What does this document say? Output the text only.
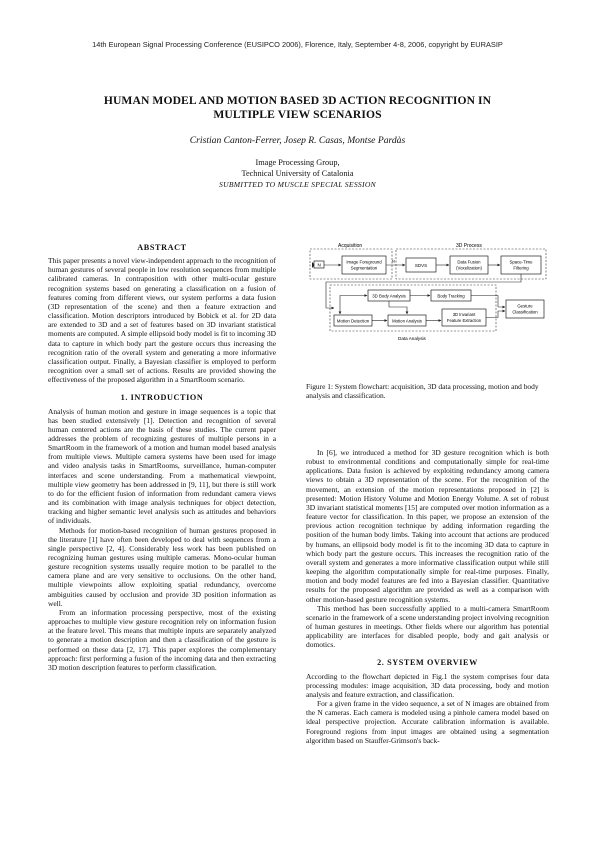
14th European Signal Processing Conference (EUSIPCO 2006), Florence, Italy, September 4-8, 2006, copyright by EURASIP
HUMAN MODEL AND MOTION BASED 3D ACTION RECOGNITION IN
MULTIPLE VIEW SCENARIOS
Cristian Canton-Ferrer, Josep R. Casas, Montse Pardàs
Image Processing Group,
Technical University of Catalonia
SUBMITTED TO MUSCLE SPECIAL SESSION
ABSTRACT

This paper presents a novel view-independent approach to the recognition of human gestures of several people in low resolution sequences from multiple calibrated cameras. In contraposition with other multi-ocular gesture recognition systems based on generating a classification on a fusion of features coming from different views, our system performs a data fusion (3D representation of the scene) and then a feature extraction and classification. Motion descriptors introduced by Bobick et al. for 2D data are extended to 3D and a set of features based on 3D invariant statistical moments are computed. A simple ellipsoid body model is fit to incoming 3D data to capture in which body part the gesture occurs thus increasing the recognition ratio of the overall system and generating a more informative classification output. Finally, a Bayesian classifier is employed to perform recognition over a small set of actions. Results are provided showing the effectiveness of the proposed algorithm in a SmartRoom scenario.

1. INTRODUCTION

Analysis of human motion and gesture in image sequences is a topic that has been studied extensively [1]. Detection and recognition of several human centered actions are the basis of these studies. The current paper addresses the problem of recognizing gestures of multiple persons in a SmartRoom in the framework of a motion and human model based analysis from multiple views. Multiple camera systems have been used for image and video analysis tasks in SmartRooms, surveillance, human-computer interfaces and scene understanding. From a mathematical viewpoint, multiple view geometry has been addressed in [9, 11], but there is still work to do for the efficient fusion of information from redundant camera views and its combination with image analysis techniques for object detection, tracking and higher semantic level analysis such as attitudes and behaviors of individuals.

Methods for motion-based recognition of human gestures proposed in the literature [1] have often been developed to deal with sequences from a single perspective [2, 4]. Considerably less work has been published on recognizing human gestures using multiple cameras. Mono-ocular human gesture recognition systems usually require motion to be parallel to the camera plane and are very sensitive to occlusions. On the other hand, multiple viewpoints allow exploiting spatial redundancy, overcome ambiguities caused by occlusion and provide 3D position information as well.

From an information processing perspective, most of the existing approaches to multiple view gesture recognition rely on information fusion at the feature level. This means that multiple inputs are separately analyzed to generate a motion description and then a classification of the gesture is performed on these data [2, 17]. This paper explores the complementary approach: first performing a fusion of the incoming data and then extracting 3D motion description features to perform classification.

Acquisition	3D Process
Data Analysis
N
Image Foreground
Segmentation	SDVS
Data Fusion
(Voxelization)
Space-Time
Filtering
N
3D Body Analysis	Body Tracking
Motion Detection	Motion Analysis
3D Invariant
Feature Extraction
Gesture
Classification
Figure 1: System flowchart: acquisition, 3D data processing, motion and body analysis and classification.

In [6], we introduced a method for 3D gesture recognition which is both robust to environmental conditions and computationally simple for real-time applications. Data fusion is achieved by exploiting redundancy among camera views to obtain a 3D representation of the scene. For the recognition of the movement, an extension of the motion representations proposed in [2] is presented: Motion History Volume and Motion Energy Volume. A set of robust 3D invariant statistical moments [15] are computed over motion information as a feature vector for classification. In this paper, we propose an extension of the previous action recognition technique by adding information regarding the position of the human body limbs. Taking into account that actions are produced by humans, an ellipsoid body model is fit to the incoming 3D data to capture in which body part the gesture occurs. This increases the recognition ratio of the overall system and generates a more informative classification output while still keeping the algorithm computationally simple for real-time purposes. Finally, motion and body model features are fed into a Bayesian classifier. Quantitative results for the proposed algorithm are provided as well as a comparison with other motion-based gesture recognition systems.

This method has been successfully applied to a multi-camera SmartRoom scenario in the framework of a scene understanding project involving recognition of human gestures in meetings. Other fields where our algorithm has potential applicability are interfaces for disabled people, body and gait analysis or domotics.

2. SYSTEM OVERVIEW

According to the flowchart depicted in Fig.1 the system comprises four data processing modules: image acquisition, 3D data processing, body and motion analysis and feature extraction, and classification.

For a given frame in the video sequence, a set of N images are obtained from the N cameras. Each camera is modeled using a pinhole camera model based on ideal perspective projection. Accurate calibration information is available. Foreground regions from input images are obtained using a segmentation algorithm based on Stauffer-Grimson's back-
